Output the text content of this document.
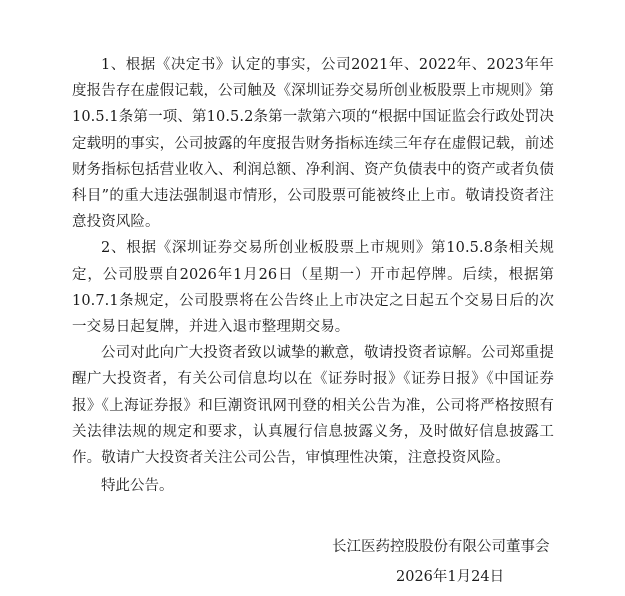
1、根据《决定书》认定的事实，公司2021年、2022年、2023年年度报告存在虚假记载，公司触及《深圳证券交易所创业板股票上市规则》第10.5.1条第一项、第10.5.2条第一款第六项的“根据中国证监会行政处罚决定载明的事实，公司披露的年度报告财务指标连续三年存在虚假记载，前述财务指标包括营业收入、利润总额、净利润、资产负债表中的资产或者负债科目”的重大违法强制退市情形，公司股票可能被终止上市。敬请投资者注意投资风险。

2、根据《深圳证券交易所创业板股票上市规则》第10.5.8条相关规定，公司股票自2026年1月26日（星期一）开市起停牌。后续，根据第10.7.1条规定，公司股票将在公告终止上市决定之日起五个交易日后的次一交易日起复牌，并进入退市整理期交易。

公司对此向广大投资者致以诚挚的歉意，敬请投资者谅解。公司郑重提醒广大投资者，有关公司信息均以在《证券时报》《证券日报》《中国证券报》《上海证券报》和巨潮资讯网刊登的相关公告为准，公司将严格按照有关法律法规的规定和要求，认真履行信息披露义务，及时做好信息披露工作。敬请广大投资者关注公司公告，审慎理性决策，注意投资风险。

特此公告。

长江医药控股股份有限公司董事会
2026年1月24日
